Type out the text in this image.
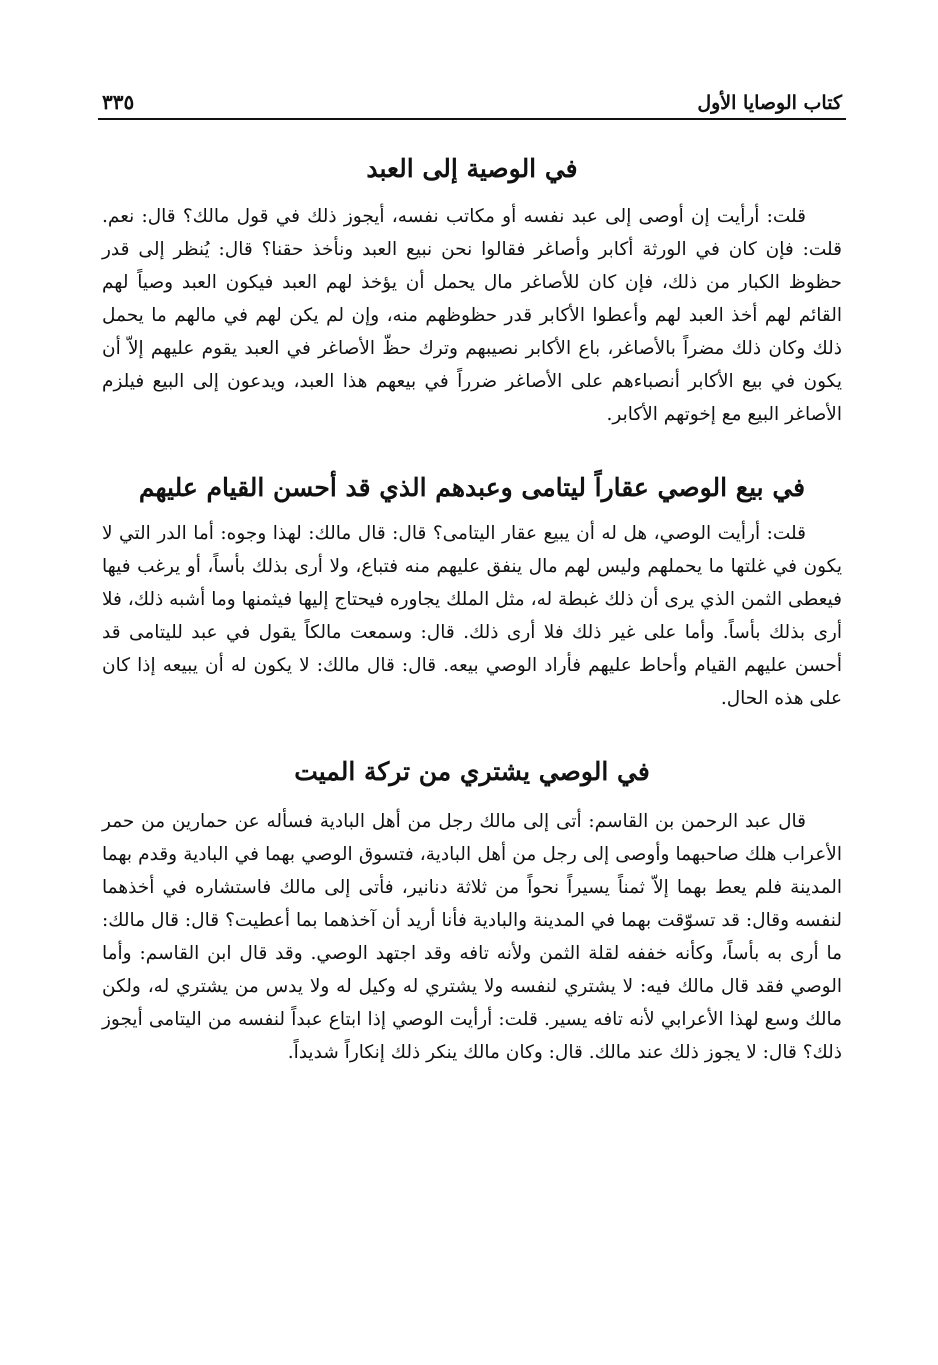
كتاب الوصايا الأول
٣٣٥
في الوصية إلى العبد

قلت: أرأيت إن أوصى إلى عبد نفسه أو مكاتب نفسه، أيجوز ذلك في قول مالك؟ قال: نعم. قلت: فإن كان في الورثة أكابر وأصاغر فقالوا نحن نبيع العبد ونأخذ حقنا؟ قال: يُنظر إلى قدر حظوظ الكبار من ذلك، فإن كان للأصاغر مال يحمل أن يؤخذ لهم العبد فيكون العبد وصياً لهم القائم لهم أخذ العبد لهم وأعطوا الأكابر قدر حظوظهم منه، وإن لم يكن لهم في مالهم ما يحمل ذلك وكان ذلك مضراً بالأصاغر، باع الأكابر نصيبهم وترك حظّ الأصاغر في العبد يقوم عليهم إلاّ أن يكون في بيع الأكابر أنصباءهم على الأصاغر ضرراً في بيعهم هذا العبد، ويدعون إلى البيع فيلزم الأصاغر البيع مع إخوتهم الأكابر.

في بيع الوصي عقاراً ليتامى وعبدهم الذي قد أحسن القيام عليهم

قلت: أرأيت الوصي، هل له أن يبيع عقار اليتامى؟ قال: قال مالك: لهذا وجوه: أما الدر التي لا يكون في غلتها ما يحملهم وليس لهم مال ينفق عليهم منه فتباع، ولا أرى بذلك بأساً، أو يرغب فيها فيعطى الثمن الذي يرى أن ذلك غبطة له، مثل الملك يجاوره فيحتاج إليها فيثمنها وما أشبه ذلك، فلا أرى بذلك بأساً. وأما على غير ذلك فلا أرى ذلك. قال: وسمعت مالكاً يقول في عبد لليتامى قد أحسن عليهم القيام وأحاط عليهم فأراد الوصي بيعه. قال: قال مالك: لا يكون له أن يبيعه إذا كان على هذه الحال.

في الوصي يشتري من تركة الميت

قال عبد الرحمن بن القاسم: أتى إلى مالك رجل من أهل البادية فسأله عن حمارين من حمر الأعراب هلك صاحبهما وأوصى إلى رجل من أهل البادية، فتسوق الوصي بهما في البادية وقدم بهما المدينة فلم يعط بهما إلاّ ثمناً يسيراً نحواً من ثلاثة دنانير، فأتى إلى مالك فاستشاره في أخذهما لنفسه وقال: قد تسوّقت بهما في المدينة والبادية فأنا أريد أن آخذهما بما أعطيت؟ قال: قال مالك: ما أرى به بأساً، وكأنه خففه لقلة الثمن ولأنه تافه وقد اجتهد الوصي. وقد قال ابن القاسم: وأما الوصي فقد قال مالك فيه: لا يشتري لنفسه ولا يشتري له وكيل له ولا يدس من يشتري له، ولكن مالك وسع لهذا الأعرابي لأنه تافه يسير. قلت: أرأيت الوصي إذا ابتاع عبداً لنفسه من اليتامى أيجوز ذلك؟ قال: لا يجوز ذلك عند مالك. قال: وكان مالك ينكر ذلك إنكاراً شديداً.
